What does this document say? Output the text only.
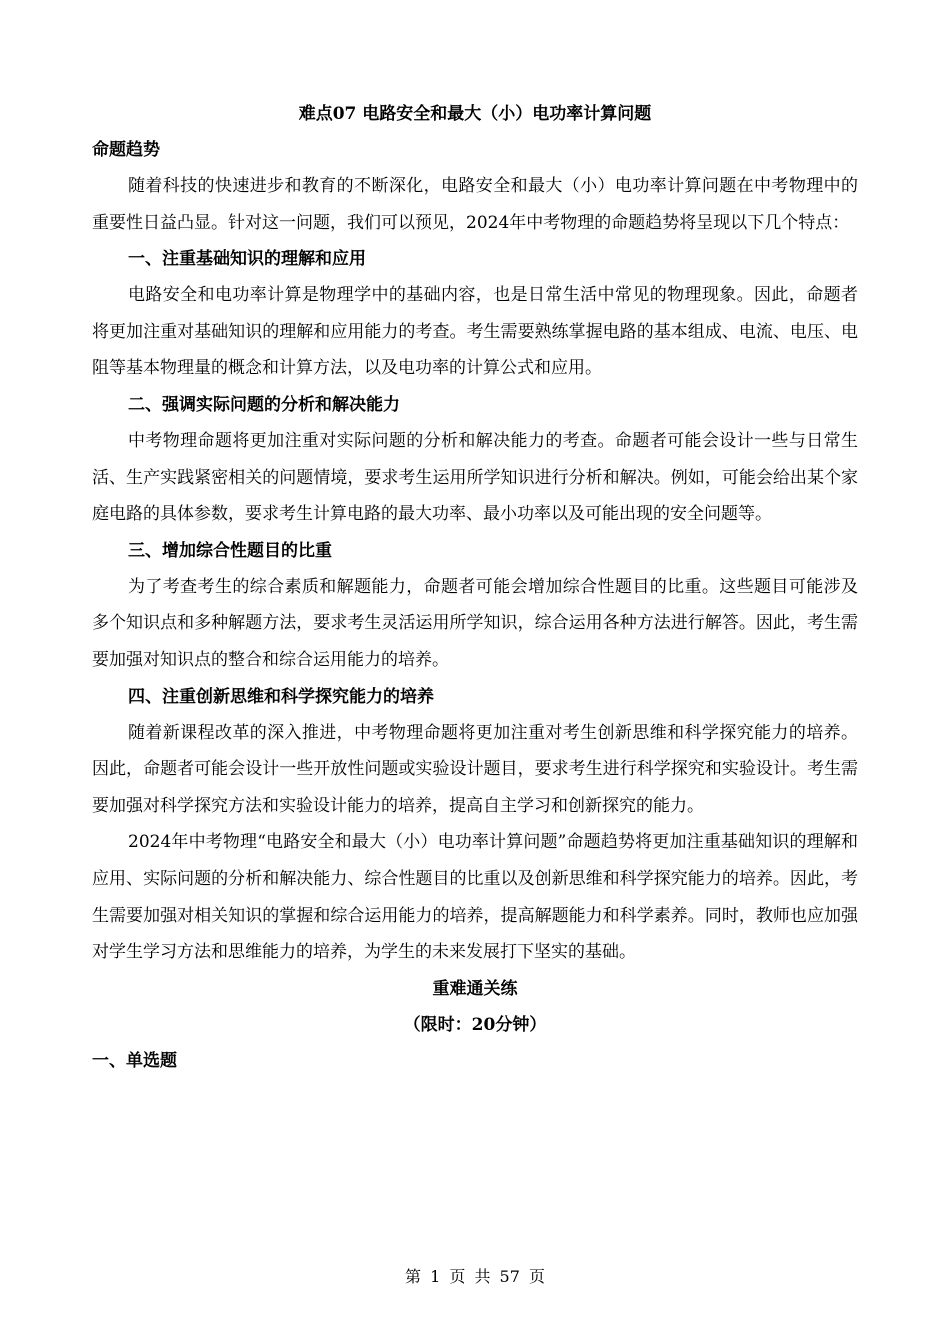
难点07 电路安全和最大（小）电功率计算问题

命题趋势

随着科技的快速进步和教育的不断深化，电路安全和最大（小）电功率计算问题在中考物理中的重要性日益凸显。针对这一问题，我们可以预见，2024年中考物理的命题趋势将呈现以下几个特点：

一、注重基础知识的理解和应用

电路安全和电功率计算是物理学中的基础内容，也是日常生活中常见的物理现象。因此，命题者将更加注重对基础知识的理解和应用能力的考查。考生需要熟练掌握电路的基本组成、电流、电压、电阻等基本物理量的概念和计算方法，以及电功率的计算公式和应用。

二、强调实际问题的分析和解决能力

中考物理命题将更加注重对实际问题的分析和解决能力的考查。命题者可能会设计一些与日常生活、生产实践紧密相关的问题情境，要求考生运用所学知识进行分析和解决。例如，可能会给出某个家庭电路的具体参数，要求考生计算电路的最大功率、最小功率以及可能出现的安全问题等。

三、增加综合性题目的比重

为了考查考生的综合素质和解题能力，命题者可能会增加综合性题目的比重。这些题目可能涉及多个知识点和多种解题方法，要求考生灵活运用所学知识，综合运用各种方法进行解答。因此，考生需要加强对知识点的整合和综合运用能力的培养。

四、注重创新思维和科学探究能力的培养

随着新课程改革的深入推进，中考物理命题将更加注重对考生创新思维和科学探究能力的培养。因此，命题者可能会设计一些开放性问题或实验设计题目，要求考生进行科学探究和实验设计。考生需要加强对科学探究方法和实验设计能力的培养，提高自主学习和创新探究的能力。

2024年中考物理“电路安全和最大（小）电功率计算问题”命题趋势将更加注重基础知识的理解和应用、实际问题的分析和解决能力、综合性题目的比重以及创新思维和科学探究能力的培养。因此，考生需要加强对相关知识的掌握和综合运用能力的培养，提高解题能力和科学素养。同时，教师也应加强对学生学习方法和思维能力的培养，为学生的未来发展打下坚实的基础。

重难通关练

（限时：20分钟）

一、单选题

第 1 页 共 57 页
